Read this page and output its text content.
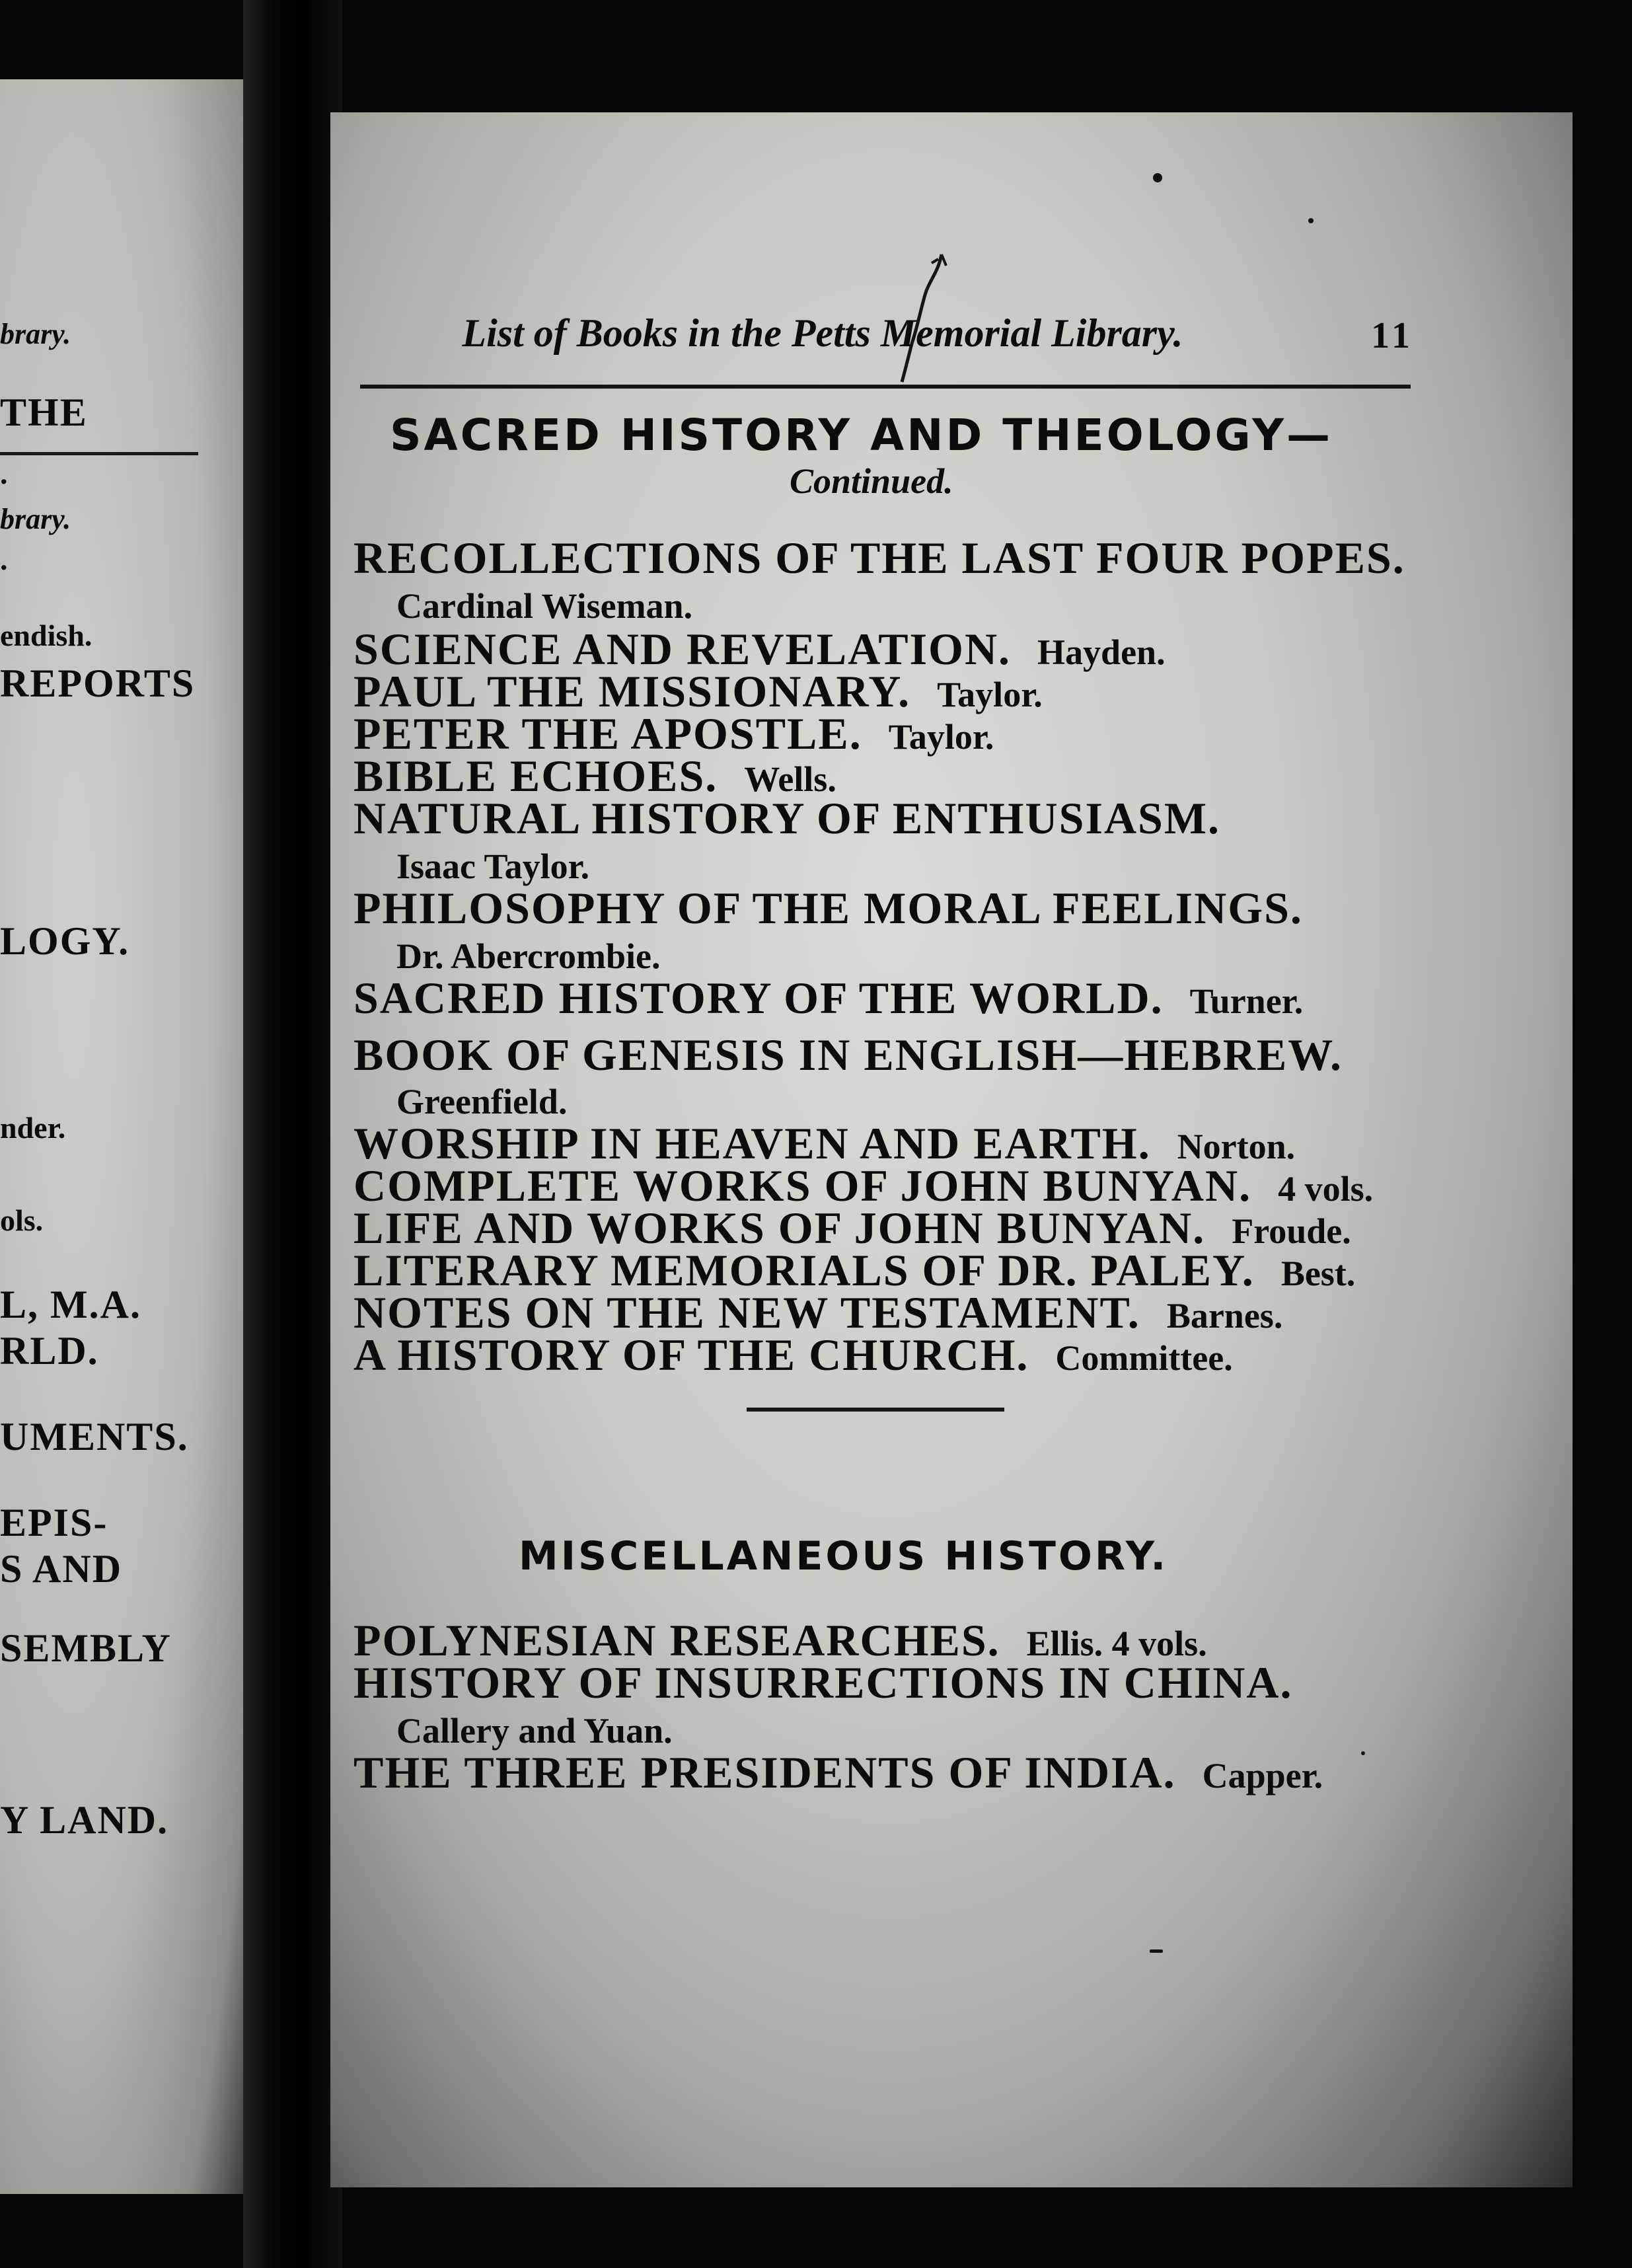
brary.
THE
.
brary.
.
endish.
REPORTS
LOGY.
nder.
ols.
L, M.A.
RLD.
UMENTS.
EPIS-
S AND
SEMBLY
Y LAND.
List of Books in the Petts Memorial Library.	11
SACRED HISTORY AND THEOLOGY—
Continued.
RECOLLECTIONS OF THE LAST FOUR POPES.
Cardinal Wiseman.
SCIENCE AND REVELATION. Hayden.
PAUL THE MISSIONARY. Taylor.
PETER THE APOSTLE. Taylor.
BIBLE ECHOES. Wells.
NATURAL HISTORY OF ENTHUSIASM.
Isaac Taylor.
PHILOSOPHY OF THE MORAL FEELINGS.
Dr. Abercrombie.
SACRED HISTORY OF THE WORLD. Turner.
BOOK OF GENESIS IN ENGLISH—HEBREW.
Greenfield.
WORSHIP IN HEAVEN AND EARTH. Norton.
COMPLETE WORKS OF JOHN BUNYAN. 4 vols.
LIFE AND WORKS OF JOHN BUNYAN. Froude.
LITERARY MEMORIALS OF DR. PALEY. Best.
NOTES ON THE NEW TESTAMENT. Barnes.
A HISTORY OF THE CHURCH. Committee.
MISCELLANEOUS HISTORY.
POLYNESIAN RESEARCHES. Ellis. 4 vols.
HISTORY OF INSURRECTIONS IN CHINA.
Callery and Yuan.
THE THREE PRESIDENTS OF INDIA. Capper.
